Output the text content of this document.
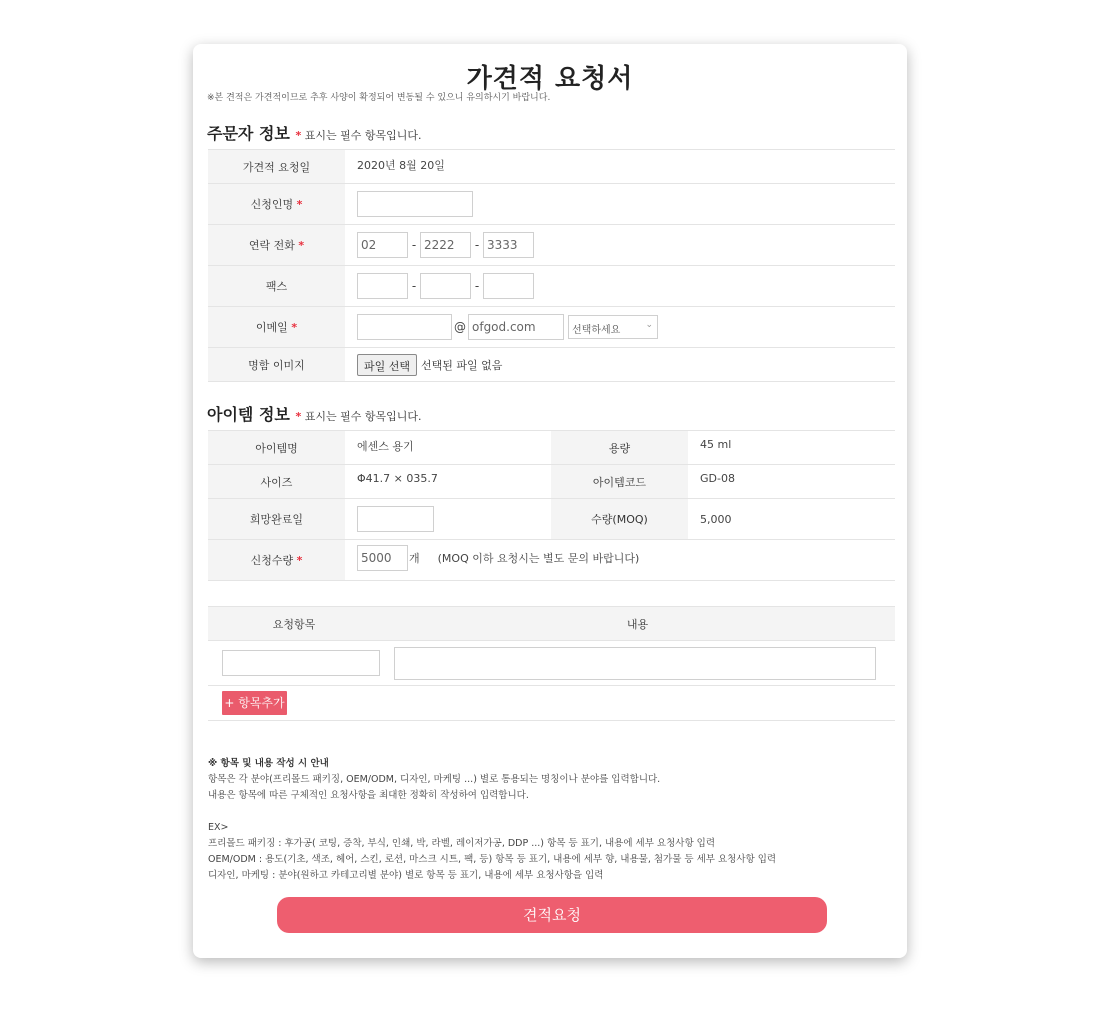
가견적 요청서
※본 견적은 가견적이므로 추후 사양이 확정되어 변동될 수 있으니 유의하시기 바랍니다.
주문자 정보 * 표시는 필수 항목입니다.
가견적 요청일	2020년 8월 20일
신청인명 *	
연락 전화 *	02-2222 -3333
팩스	- -
이메일 *	@ofgod.com 선택하세요 ⌄

명함 이미지	파일 선택 선택된 파일 없음
아이템 정보 * 표시는 필수 항목입니다.
아이템명	에센스 용기	용량	45 ml
사이즈	Φ41.7 × 035.7	아이템코드	GD-08
희망완료일		수량(MOQ)	5,000
신청수량 *	5000개 (MOQ 이하 요청시는 별도 문의 바랍니다)
요청항목	내용

+ 항목추가
※ 항목 및 내용 작성 시 안내
항목은 각 분야(프리몰드 패키징, OEM/ODM, 디자인, 마케팅 ...) 별로 통용되는 명칭이나 분야를 입력합니다.
내용은 항목에 따른 구체적인 요청사항을 최대한 정확히 작성하여 입력합니다.
EX>
프리몰드 패키징 : 후가공( 코팅, 증착, 부식, 인쇄, 박, 라벨, 레이저가공, DDP ...) 항목 등 표기, 내용에 세부 요청사항 입력
OEM/ODM : 용도(기초, 색조, 헤어, 스킨, 로션, 마스크 시트, 팩, 등) 항목 등 표기, 내용에 세부 향, 내용물, 첨가물 등 세부 요청사항 입력
디자인, 마케팅 : 분야(원하고 카테고리별 분야) 별로 항목 등 표기, 내용에 세부 요청사항을 입력
견적요청
